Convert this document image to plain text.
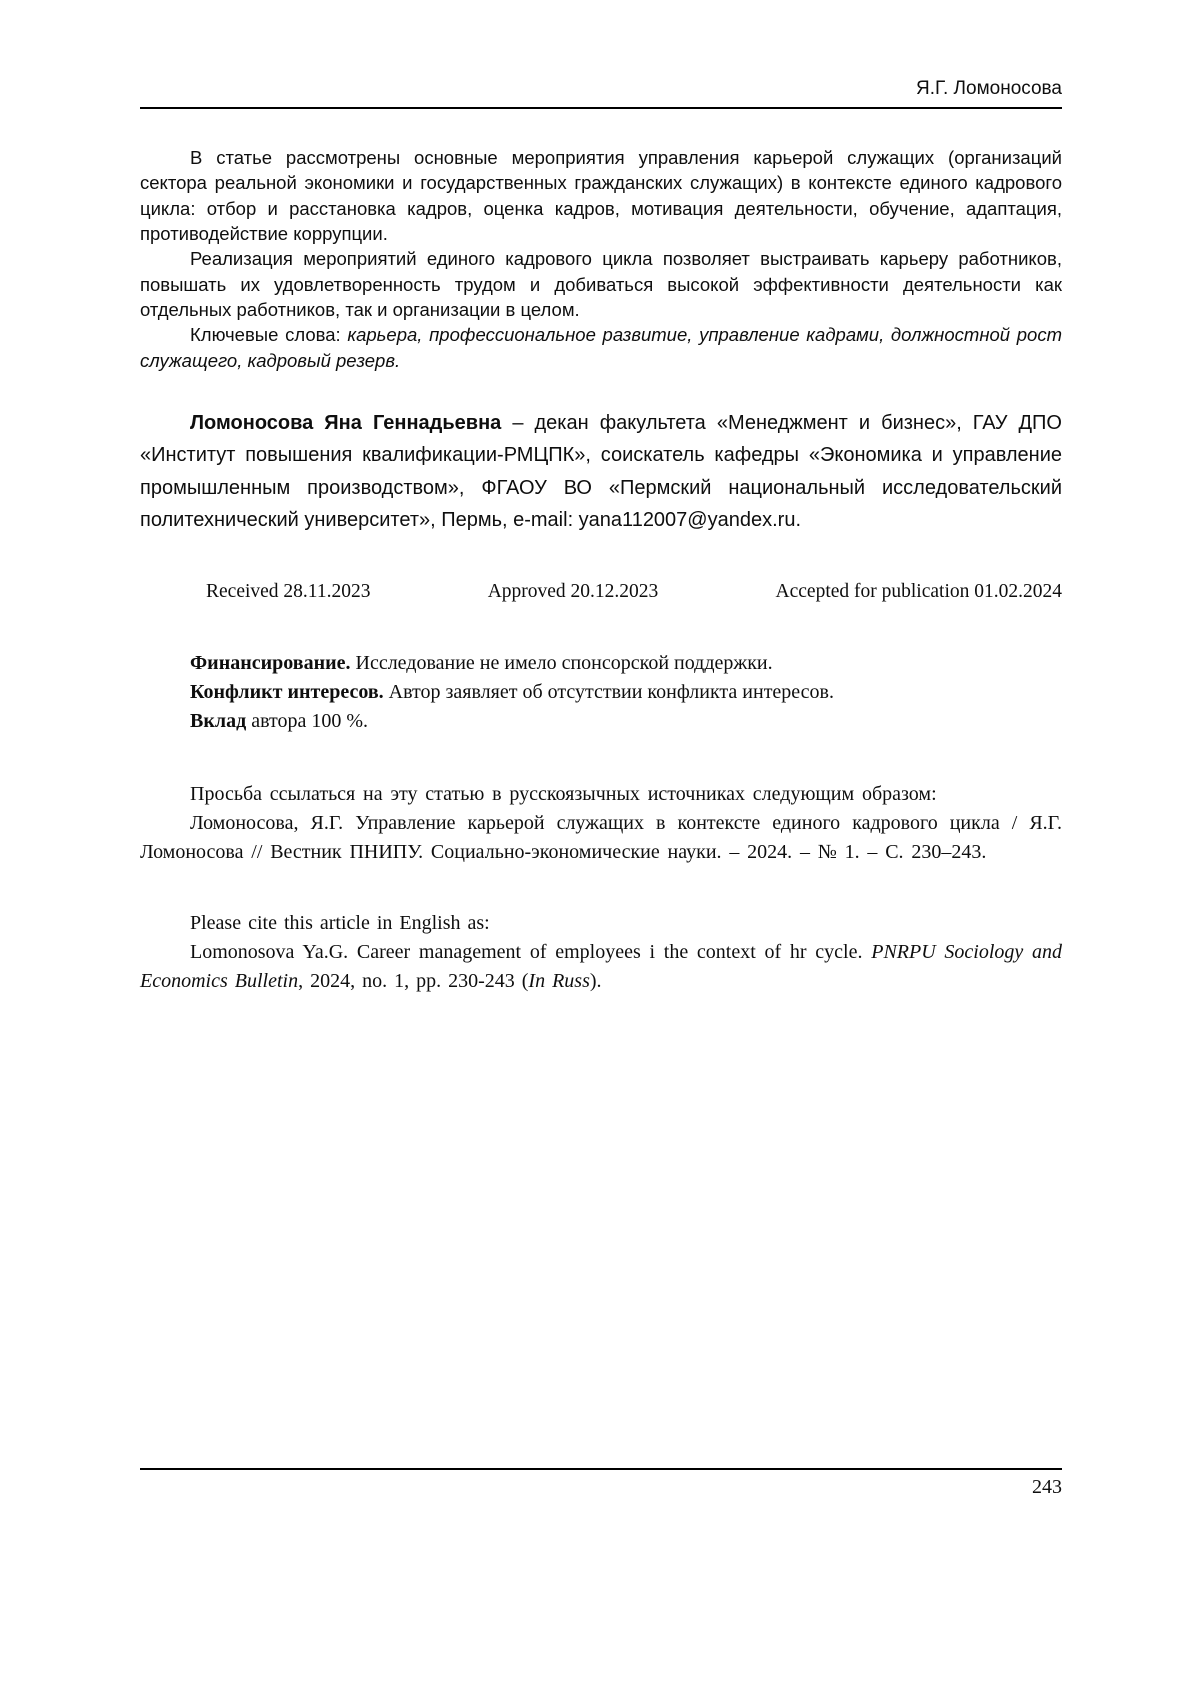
Я.Г. Ломоносова

В статье рассмотрены основные мероприятия управления карьерой служащих (организаций сектора реальной экономики и государственных гражданских служащих) в контексте единого кадрового цикла: отбор и расстановка кадров, оценка кадров, мотивация деятельности, обучение, адаптация, противодействие коррупции.

Реализация мероприятий единого кадрового цикла позволяет выстраивать карьеру работников, повышать их удовлетворенность трудом и добиваться высокой эффективности деятельности как отдельных работников, так и организации в целом.

Ключевые слова: карьера, профессиональное развитие, управление кадрами, должностной рост служащего, кадровый резерв.

Ломоносова Яна Геннадьевна – декан факультета «Менеджмент и бизнес», ГАУ ДПО «Институт повышения квалификации-РМЦПК», соискатель кафедры «Экономика и управление промышленным производством», ФГАОУ ВО «Пермский национальный исследовательский политехнический университет», Пермь, e-mail: yana112007@yandex.ru.

Received 28.11.2023	Approved 20.12.2023	Accepted for publication 01.02.2024

Финансирование. Исследование не имело спонсорской поддержки.

Конфликт интересов. Автор заявляет об отсутствии конфликта интересов.

Вклад автора 100 %.

Просьба ссылаться на эту статью в русскоязычных источниках следующим образом:

Ломоносова, Я.Г. Управление карьерой служащих в контексте единого кадрового цикла / Я.Г. Ломоносова // Вестник ПНИПУ. Социально-экономические науки. – 2024. – № 1. – С. 230–243.

Please cite this article in English as:

Lomonosova Ya.G. Career management of employees i the context of hr cycle. PNRPU Sociology and Economics Bulletin, 2024, no. 1, pp. 230-243 (In Russ).

243
